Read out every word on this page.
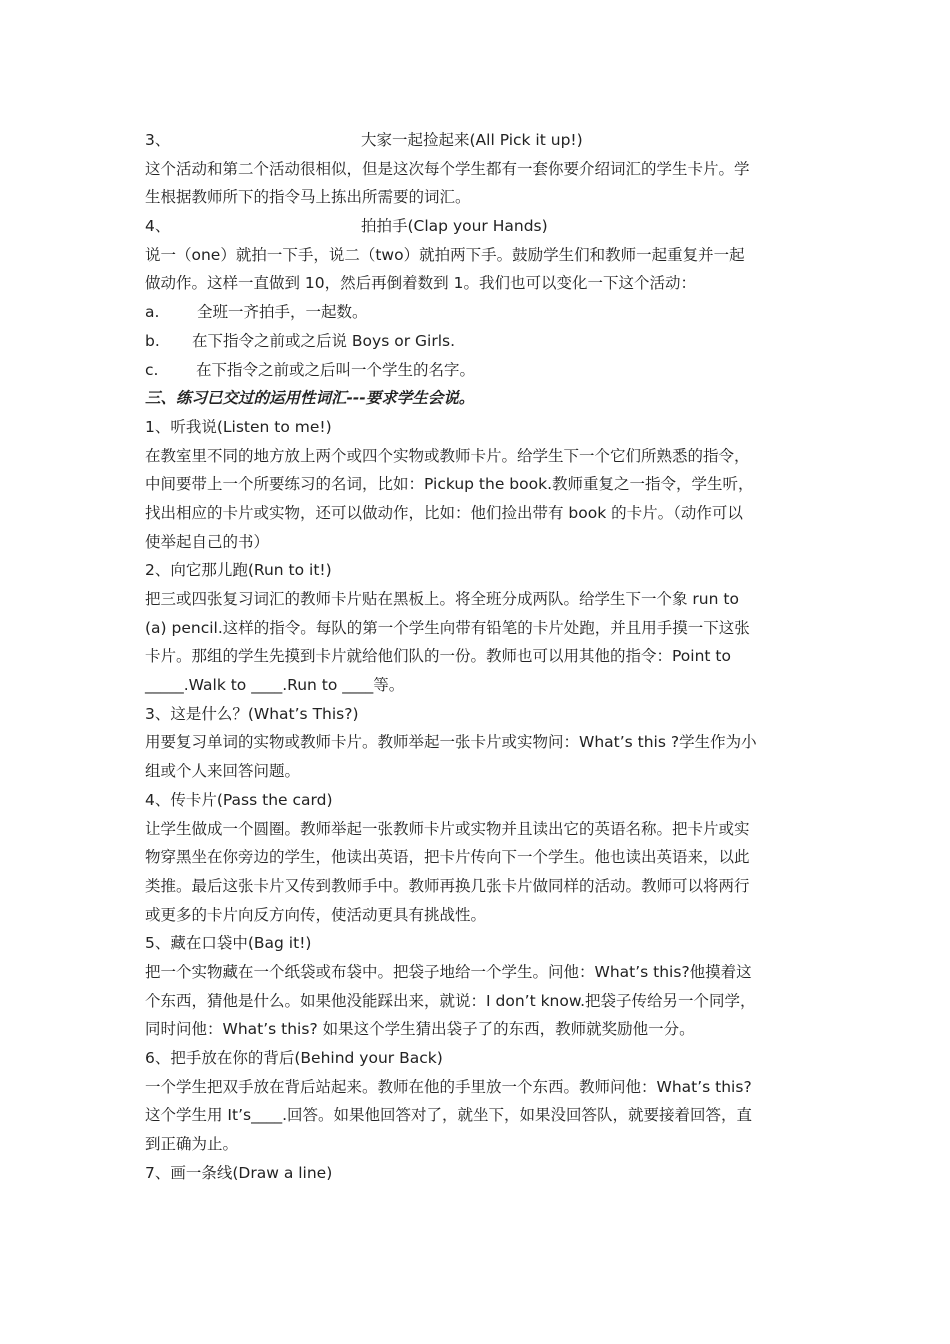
3、	大家一起捡起来(All Pick it up!)
这个活动和第二个活动很相似，但是这次每个学生都有一套你要介绍词汇的学生卡片。学
生根据教师所下的指令马上拣出所需要的词汇。
4、	拍拍手(Clap your Hands)
说一（one）就拍一下手，说二（two）就拍两下手。鼓励学生们和教师一起重复并一起
做动作。这样一直做到 10，然后再倒着数到 1。我们也可以变化一下这个活动：
a. 全班一齐拍手，一起数。
b. 在下指令之前或之后说 Boys or Girls.
c. 在下指令之前或之后叫一个学生的名字。
三、练习已交过的运用性词汇---要求学生会说。
1、听我说(Listen to me!)
在教室里不同的地方放上两个或四个实物或教师卡片。给学生下一个它们所熟悉的指令，
中间要带上一个所要练习的名词，比如：Pickup the book.教师重复之一指令，学生听，
找出相应的卡片或实物，还可以做动作，比如：他们捡出带有 book 的卡片。（动作可以
使举起自己的书）
2、向它那儿跑(Run to it!)
把三或四张复习词汇的教师卡片贴在黑板上。将全班分成两队。给学生下一个象 run to
(a) pencil.这样的指令。每队的第一个学生向带有铅笔的卡片处跑，并且用手摸一下这张
卡片。那组的学生先摸到卡片就给他们队的一份。教师也可以用其他的指令：Point to
_____.Walk to ____.Run to ____等。
3、这是什么？(What’s This?)
用要复习单词的实物或教师卡片。教师举起一张卡片或实物问：What’s this ?学生作为小
组或个人来回答问题。
4、传卡片(Pass the card)
让学生做成一个圆圈。教师举起一张教师卡片或实物并且读出它的英语名称。把卡片或实
物穿黑坐在你旁边的学生，他读出英语，把卡片传向下一个学生。他也读出英语来，以此
类推。最后这张卡片又传到教师手中。教师再换几张卡片做同样的活动。教师可以将两行
或更多的卡片向反方向传，使活动更具有挑战性。
5、藏在口袋中(Bag it!)
把一个实物藏在一个纸袋或布袋中。把袋子地给一个学生。问他：What’s this?他摸着这
个东西，猜他是什么。如果他没能踩出来，就说：I don’t know.把袋子传给另一个同学，
同时问他：What’s this? 如果这个学生猜出袋子了的东西，教师就奖励他一分。
6、把手放在你的背后(Behind your Back)
一个学生把双手放在背后站起来。教师在他的手里放一个东西。教师问他：What’s this?
这个学生用 It’s____.回答。如果他回答对了，就坐下，如果没回答队，就要接着回答，直
到正确为止。
7、画一条线(Draw a line)
